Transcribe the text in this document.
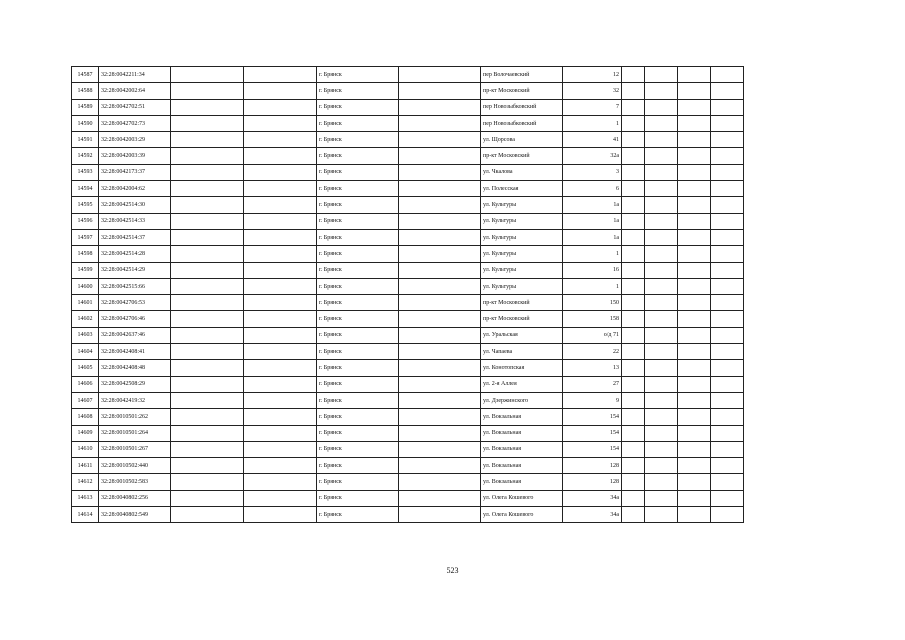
14587	32:28:0042211:34			г. Брянск		пер Волочаевский	12				
14588	32:28:0042002:64			г. Брянск		пр-кт Московский	32				
14589	32:28:0042702:51			г. Брянск		пер Новозыбковский	7				
14590	32:28:0042702:73			г. Брянск		пер Новозыбковский	1				
14591	32:28:0042003:29			г. Брянск		ул. Щорсова	41				
14592	32:28:0042003:39			г. Брянск		пр-кт Московский	32а				
14593	32:28:0042173:37			г. Брянск		ул. Чкалова	3				
14594	32:28:0042004:62			г. Брянск		ул. Полесская	6				
14595	32:28:0042514:30			г. Брянск		ул. Культуры	1а				
14596	32:28:0042514:33			г. Брянск		ул. Культуры	1а				
14597	32:28:0042514:37			г. Брянск		ул. Культуры	1а				
14598	32:28:0042514:28			г. Брянск		ул. Культуры	1				
14599	32:28:0042514:29			г. Брянск		ул. Культуры	16				
14600	32:28:0042515:66			г. Брянск		ул. Культуры	1				
14601	32:28:0042706:53			г. Брянск		пр-кт Московский	150				
14602	32:28:0042706:46			г. Брянск		пр-кт Московский	158				
14603	32:28:0042637:46			г. Брянск		ул. Уральская	о/д 71				
14604	32:28:0042408:41			г. Брянск		ул. Чапаева	22				
14605	32:28:0042408:48			г. Брянск		ул. Конотопская	13				
14606	32:28:0042508:29			г. Брянск		ул. 2-я Аллея	27				
14607	32:28:0042419:32			г. Брянск		ул. Дзержинского	9				
14608	32:28:0010501:262			г. Брянск		ул. Вокзальная	154				
14609	32:28:0010501:264			г. Брянск		ул. Вокзальная	154				
14610	32:28:0010501:267			г. Брянск		ул. Вокзальная	154				
14611	32:28:0010502:440			г. Брянск		ул. Вокзальная	128				
14612	32:28:0010502:583			г. Брянск		ул. Вокзальная	128				
14613	32:28:0040802:256			г. Брянск		ул. Олега Кошевого	34а				
14614	32:28:0040802:549			г. Брянск		ул. Олега Кошевого	34а				
523
